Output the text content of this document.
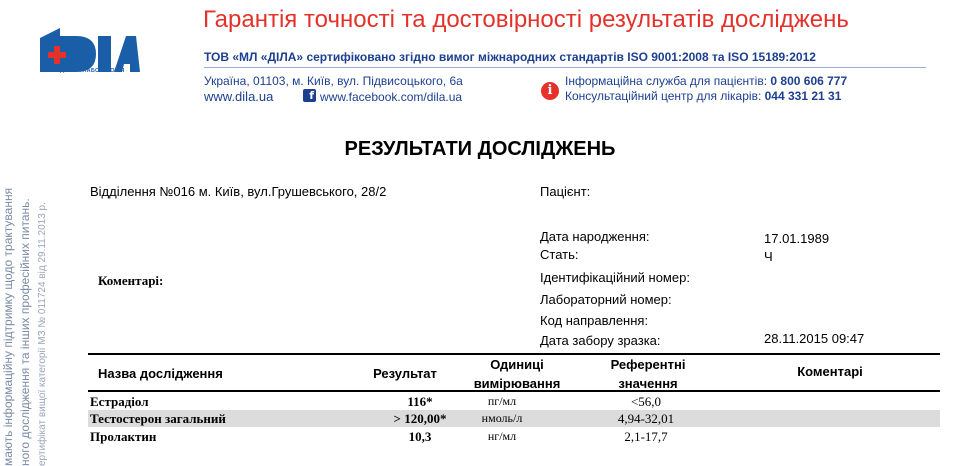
МЕДИЧНА ЛАБОРАТОРІЯ
Гарантія точності та достовірності результатів досліджень
ТОВ «МЛ «ДІЛА» сертифіковано згідно вимог міжнародних стандартів ISO 9001:2008 та ISO 15189:2012
Україна, 01103, м. Київ, вул. Підвисоцького, 6а
www.dila.ua	f www.facebook.com/dila.ua	i
Інформаційна служба для пацієнтів: 0 800 606 777
Консультаційний центр для лікарів: 044 331 21 31
мають інформаційну підтримку щодо трактування ного дослідження та інших професійних питань. ертифікат вищої категорії МЗ № 011724 від 29.11.2013 р.
РЕЗУЛЬТАТИ ДОСЛІДЖЕНЬ
Відділення №016 м. Київ, вул.Грушевського, 28/2
Коментарі:
Пацієнт:
Дата народження:	17.01.1989
Стать:	Ч
Ідентифікаційний номер:
Лабораторний номер:
Код направлення:
Дата забору зразка:	28.11.2015 09:47
Назва дослідження	Результат
Одиниці
вимірювання
Референтні
значення
Коментарі
Естрадіол	116*	пг/мл	<56,0
Тестостерон загальний	> 120,00*	нмоль/л	4,94-32,01
Пролактин	10,3	нг/мл	2,1-17,7
